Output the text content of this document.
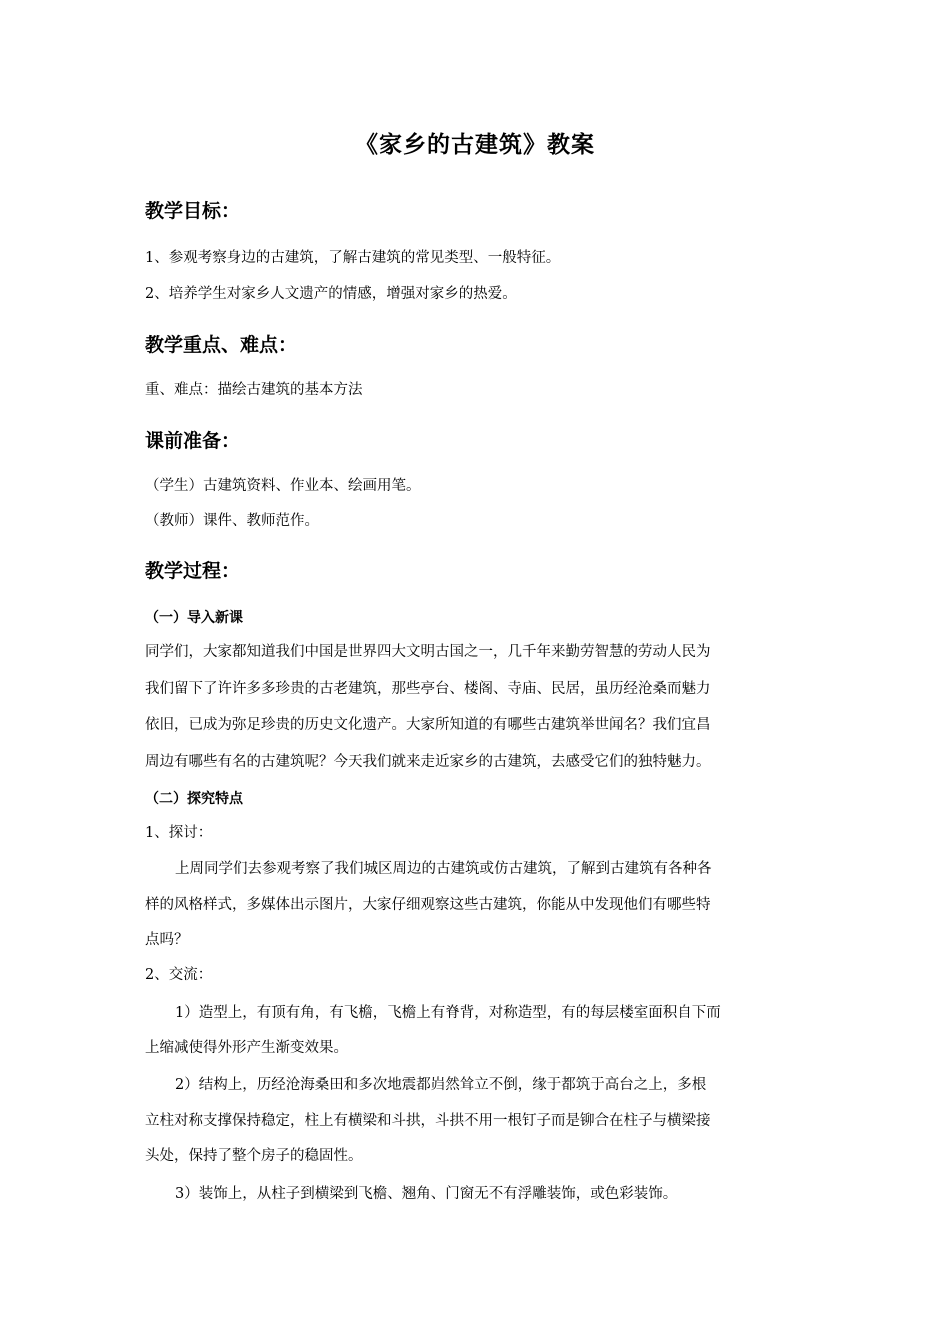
《家乡的古建筑》教案
教学目标：
1、参观考察身边的古建筑，了解古建筑的常见类型、一般特征。
2、培养学生对家乡人文遗产的情感，增强对家乡的热爱。
教学重点、难点：
重、难点：描绘古建筑的基本方法
课前准备：
（学生）古建筑资料、作业本、绘画用笔。
（教师）课件、教师范作。
教学过程：
（一）导入新课
同学们，大家都知道我们中国是世界四大文明古国之一，几千年来勤劳智慧的劳动人民为
我们留下了许许多多珍贵的古老建筑，那些亭台、楼阁、寺庙、民居，虽历经沧桑而魅力
依旧，已成为弥足珍贵的历史文化遗产。大家所知道的有哪些古建筑举世闻名？我们宜昌
周边有哪些有名的古建筑呢？今天我们就来走近家乡的古建筑，去感受它们的独特魅力。
（二）探究特点
1、探讨：
上周同学们去参观考察了我们城区周边的古建筑或仿古建筑，了解到古建筑有各种各
样的风格样式，多媒体出示图片，大家仔细观察这些古建筑，你能从中发现他们有哪些特
点吗？
2、交流：
1）造型上，有顶有角，有飞檐，飞檐上有脊背，对称造型，有的每层楼室面积自下而
上缩减使得外形产生渐变效果。
2）结构上，历经沧海桑田和多次地震都岿然耸立不倒，缘于都筑于高台之上，多根
立柱对称支撑保持稳定，柱上有横梁和斗拱，斗拱不用一根钉子而是铆合在柱子与横梁接
头处，保持了整个房子的稳固性。
3）装饰上，从柱子到横梁到飞檐、翘角、门窗无不有浮雕装饰，或色彩装饰。
